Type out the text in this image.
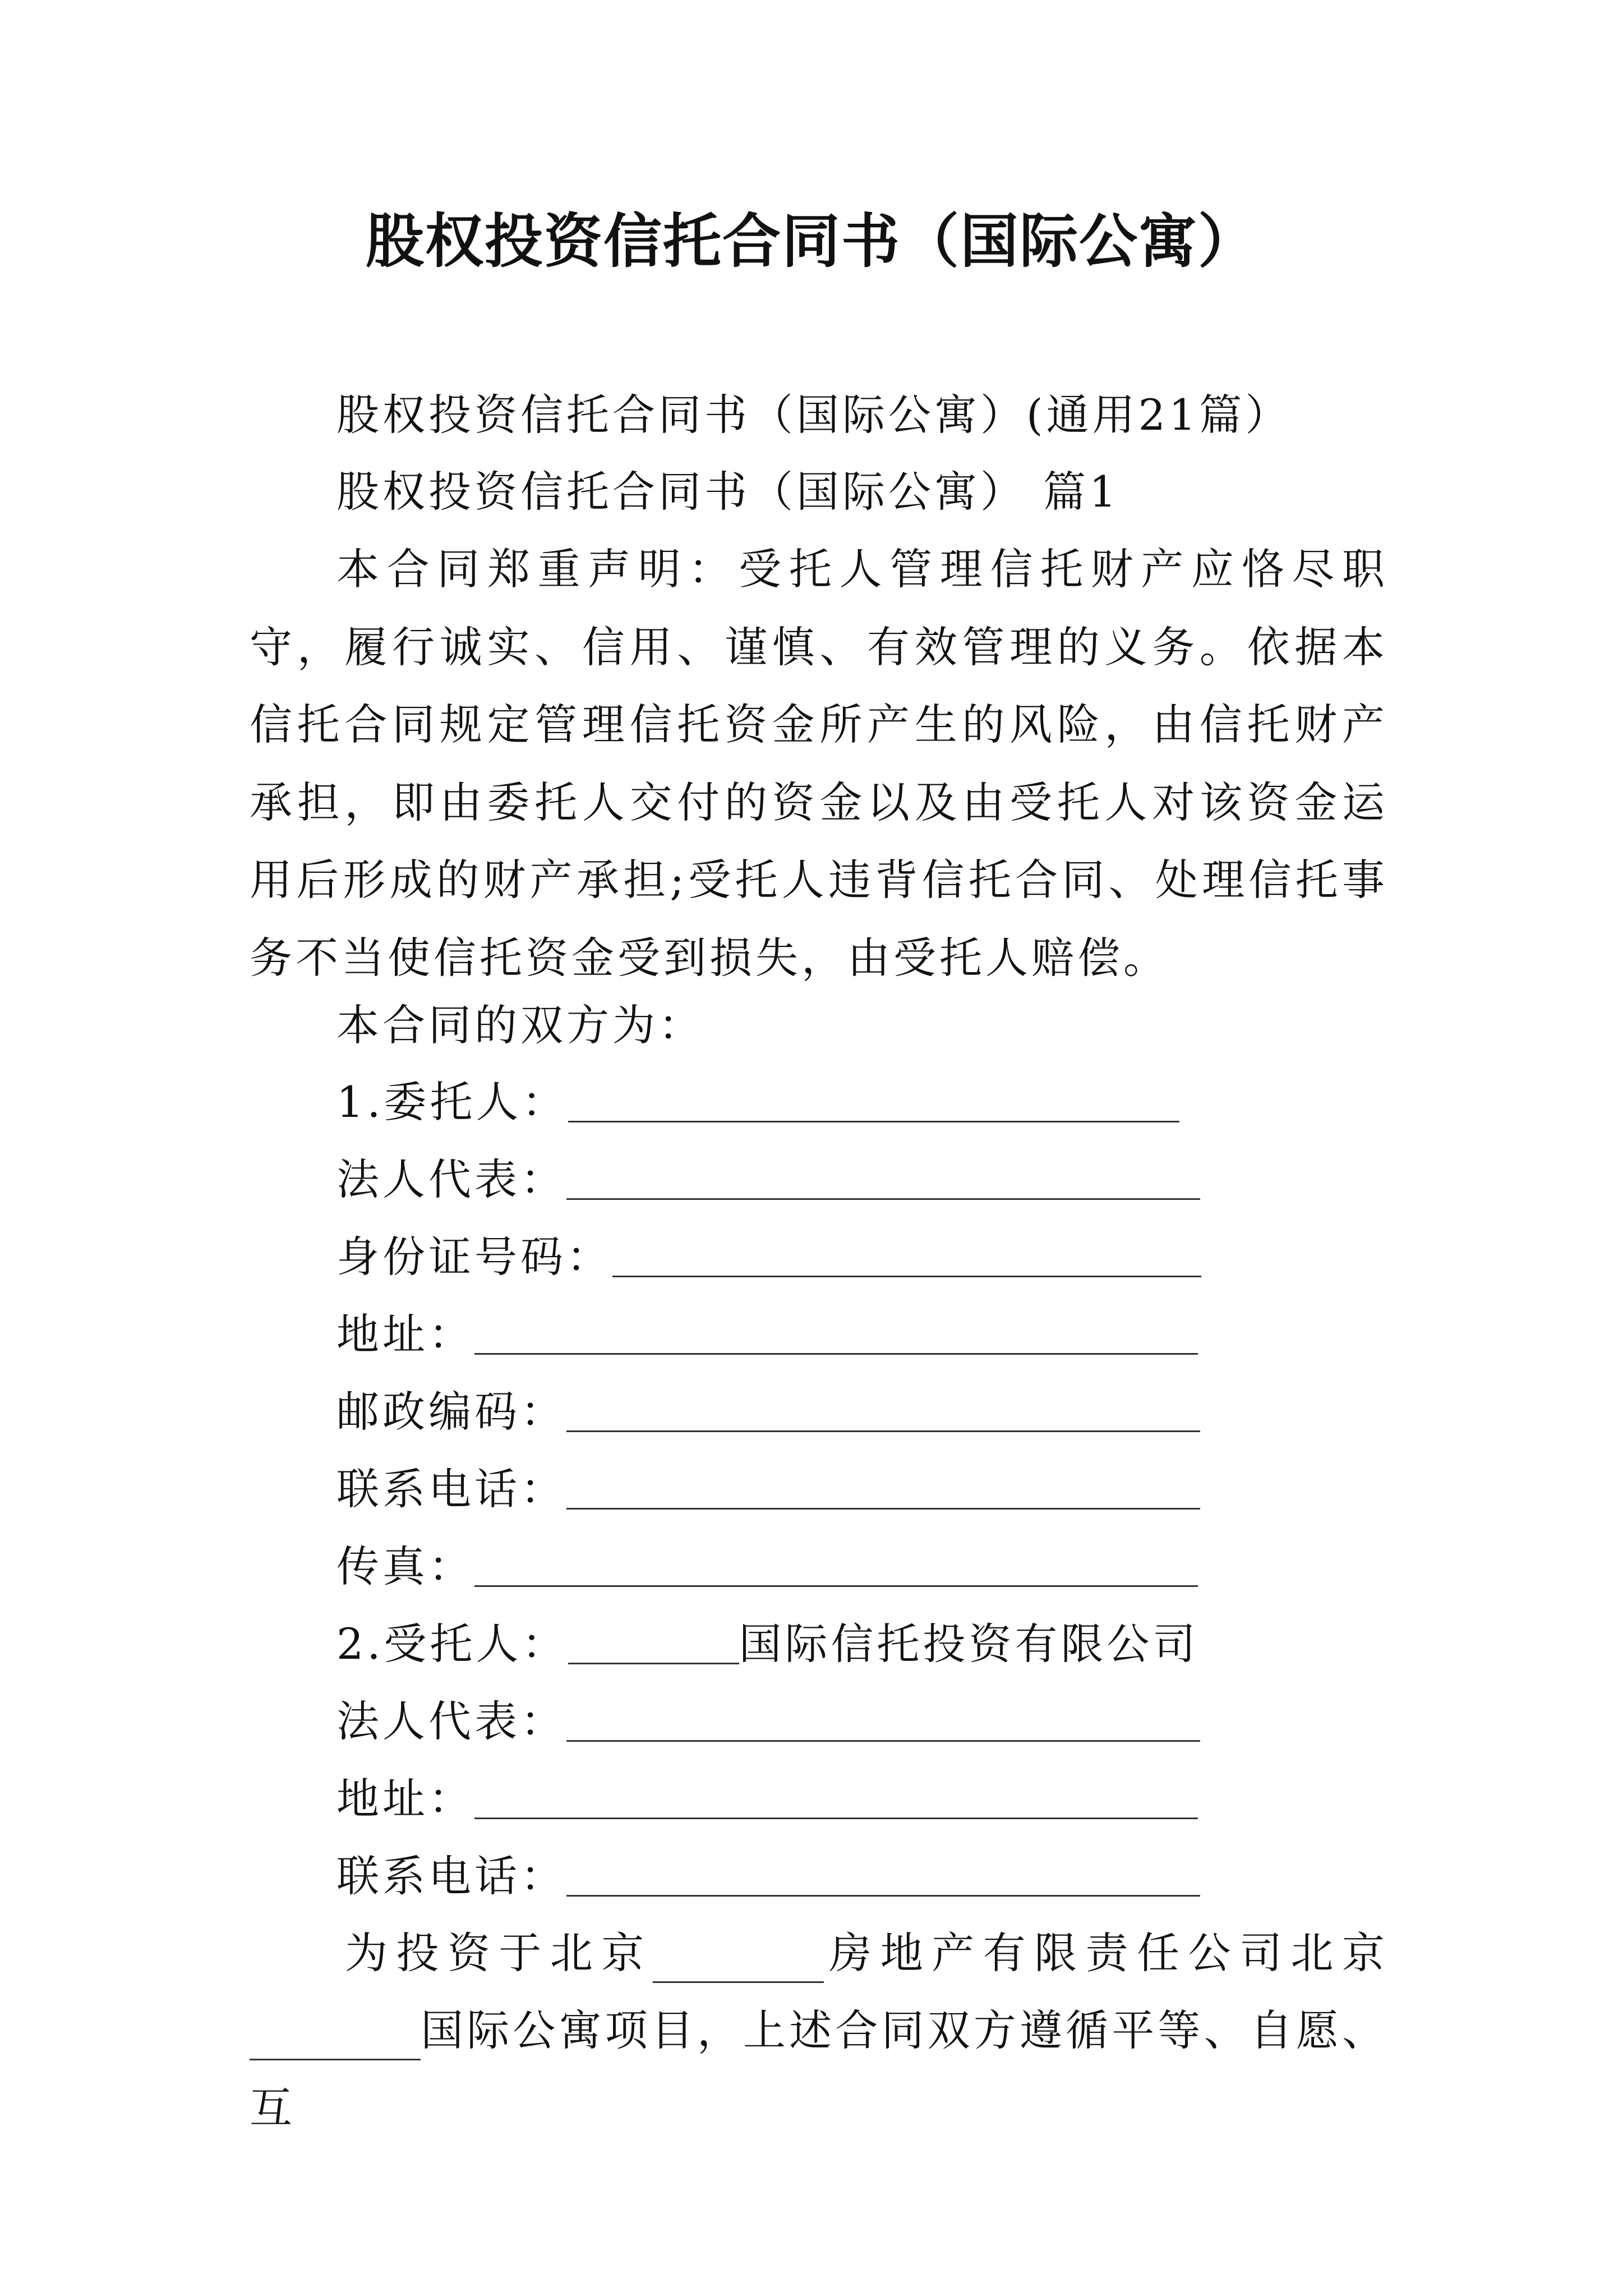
股权投资信托合同书（国际公寓）
股权投资信托合同书（国际公寓）(通用21篇）
股权投资信托合同书（国际公寓） 篇1
本合同郑重声明：受托人管理信托财产应恪尽职守，履行诚实、信用、谨慎、有效管理的义务。依据本信托合同规定管理信托资金所产生的风险，由信托财产承担，即由委托人交付的资金以及由受托人对该资金运用后形成的财产承担;受托人违背信托合同、处理信托事务不当使信托资金受到损失，由受托人赔偿。
本合同的双方为：
1.委托人：
法人代表：
身份证号码：
地址：
邮政编码：
联系电话：
传真：
2.受托人：	国际信托投资有限公司
法人代表：
地址：
联系电话：
为投资于北京	房地产有限责任公司北京国际公寓项目，上述合同双方遵循平等、自愿、互
